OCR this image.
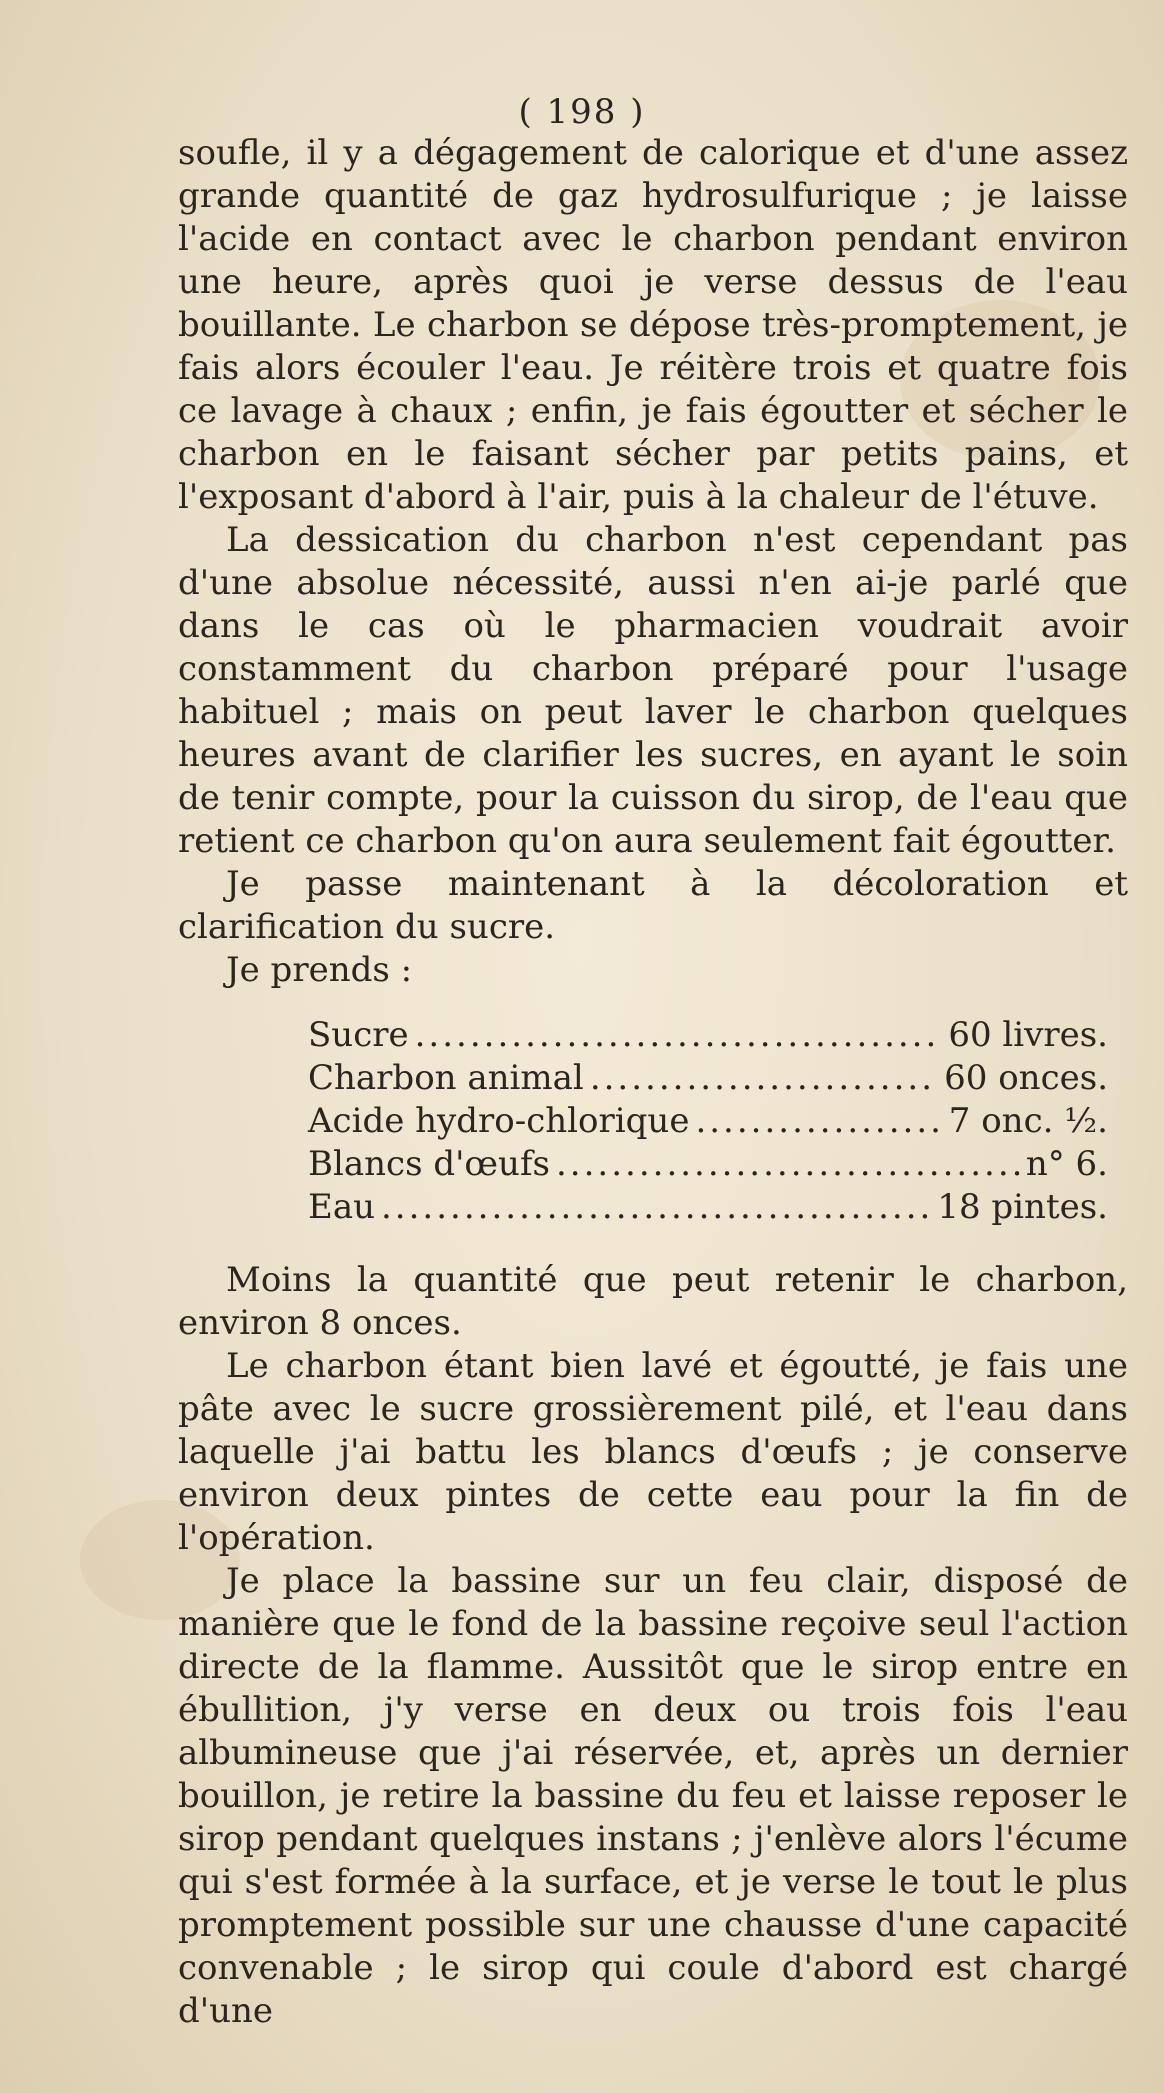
( 198 )

soufle, il y a dégagement de calorique et d'une assez grande quantité de gaz hydrosulfurique ; je laisse l'acide en contact avec le charbon pendant environ une heure, après quoi je verse dessus de l'eau bouillante. Le charbon se dépose très-promptement, je fais alors écouler l'eau. Je réitère trois et quatre fois ce lavage à chaux ; enfin, je fais égoutter et sécher le charbon en le faisant sécher par petits pains, et l'exposant d'abord à l'air, puis à la chaleur de l'étuve.

La dessication du charbon n'est cependant pas d'une absolue nécessité, aussi n'en ai-je parlé que dans le cas où le pharmacien voudrait avoir constamment du charbon préparé pour l'usage habituel ; mais on peut laver le charbon quelques heures avant de clarifier les sucres, en ayant le soin de tenir compte, pour la cuisson du sirop, de l'eau que retient ce charbon qu'on aura seulement fait égoutter.

Je passe maintenant à la décoloration et clarification du sucre.

Je prends :

Sucre .....	60 livres.
Charbon animal .....	60 onces.
Acide hydro-chlorique .....	7 onc. ½.
Blancs d'œufs .....	n° 6.
Eau .....	18 pintes.

Moins la quantité que peut retenir le charbon, environ 8 onces.

Le charbon étant bien lavé et égoutté, je fais une pâte avec le sucre grossièrement pilé, et l'eau dans laquelle j'ai battu les blancs d'œufs ; je conserve environ deux pintes de cette eau pour la fin de l'opération.

Je place la bassine sur un feu clair, disposé de manière que le fond de la bassine reçoive seul l'action directe de la flamme. Aussitôt que le sirop entre en ébullition, j'y verse en deux ou trois fois l'eau albumineuse que j'ai réservée, et, après un dernier bouillon, je retire la bassine du feu et laisse reposer le sirop pendant quelques instans ; j'enlève alors l'écume qui s'est formée à la surface, et je verse le tout le plus promptement possible sur une chausse d'une capacité convenable ; le sirop qui coule d'abord est chargé d'une
